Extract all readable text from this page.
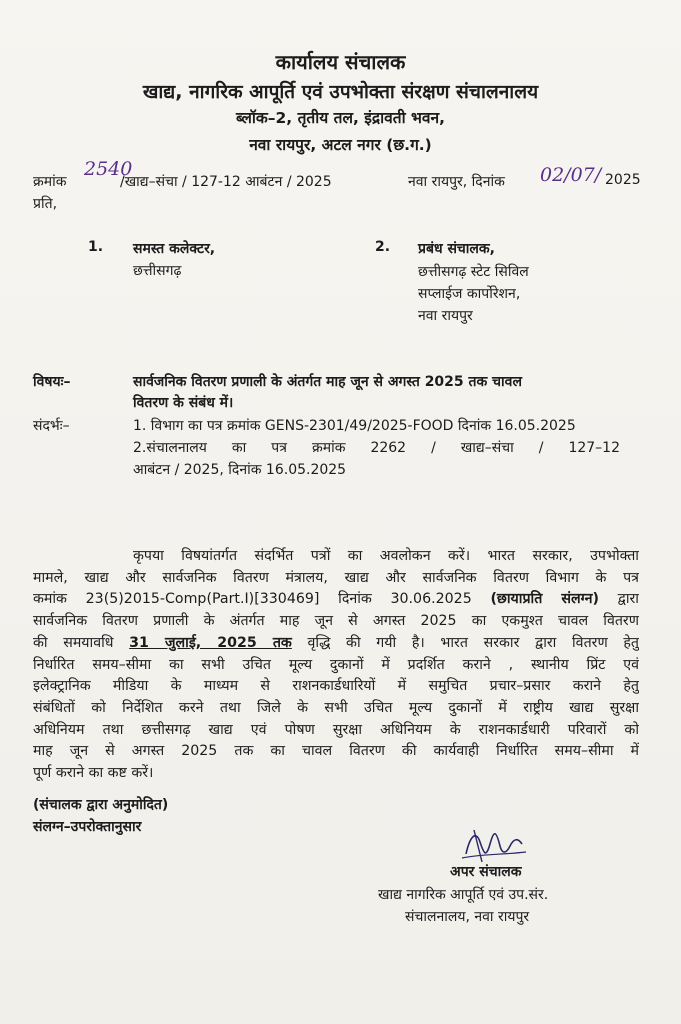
कार्यालय संचालक
खाद्य, नागरिक आपूर्ति एवं उपभोक्ता संरक्षण संचालनालय
ब्लॉक–2, तृतीय तल, इंद्रावती भवन,
नवा रायपुर, अटल नगर (छ.ग.)
क्रमांक
2540
/खाद्य–संचा / 127-12 आबंटन / 2025	नवा रायपुर, दिनांक 02/07/ 2025
प्रति,
1. समस्त कलेक्टर,
छत्तीसगढ़
2. प्रबंध संचालक,
छत्तीसगढ़ स्टेट सिविल
सप्लाईज कार्पोरेशन,
नवा रायपुर
विषयः–	सार्वजनिक वितरण प्रणाली के अंतर्गत माह जून से अगस्त 2025 तक चावल
वितरण के संबंध में।
संदर्भः–	1. विभाग का पत्र क्रमांक GENS-2301/49/2025-FOOD दिनांक 16.05.2025
2.संचालनालय का पत्र क्रमांक 2262 / खाद्य–संचा / 127–12
आबंटन / 2025, दिनांक 16.05.2025
कृपया विषयांतर्गत संदर्भित पत्रों का अवलोकन करें। भारत सरकार, उपभोक्ता
मामले, खाद्य और सार्वजनिक वितरण मंत्रालय, खाद्य और सार्वजनिक वितरण विभाग के पत्र
कमांक 23(5)2015-Comp(Part.I)[330469] दिनांक 30.06.2025 (छायाप्रति संलग्न) द्वारा
सार्वजनिक वितरण प्रणाली के अंतर्गत माह जून से अगस्त 2025 का एकमुश्त चावल वितरण
की समयावधि 31 जुलाई, 2025 तक वृद्धि की गयी है। भारत सरकार द्वारा वितरण हेतु
निर्धारित समय–सीमा का सभी उचित मूल्य दुकानों में प्रदर्शित कराने , स्थानीय प्रिंट एवं
इलेक्ट्रानिक मीडिया के माध्यम से राशनकार्डधारियों में समुचित प्रचार–प्रसार कराने हेतु
संबंधितों को निर्देशित करने तथा जिले के सभी उचित मूल्य दुकानों में राष्ट्रीय खाद्य सुरक्षा
अधिनियम तथा छत्तीसगढ़ खाद्य एवं पोषण सुरक्षा अधिनियम के राशनकार्डधारी परिवारों को
माह जून से अगस्त 2025 तक का चावल वितरण की कार्यवाही निर्धारित समय–सीमा में
पूर्ण कराने का कष्ट करें।
(संचालक द्वारा अनुमोदित)
संलग्न–उपरोक्तानुसार
अपर संचालक
खाद्य नागरिक आपूर्ति एवं उप.संर.
संचालनालय, नवा रायपुर
